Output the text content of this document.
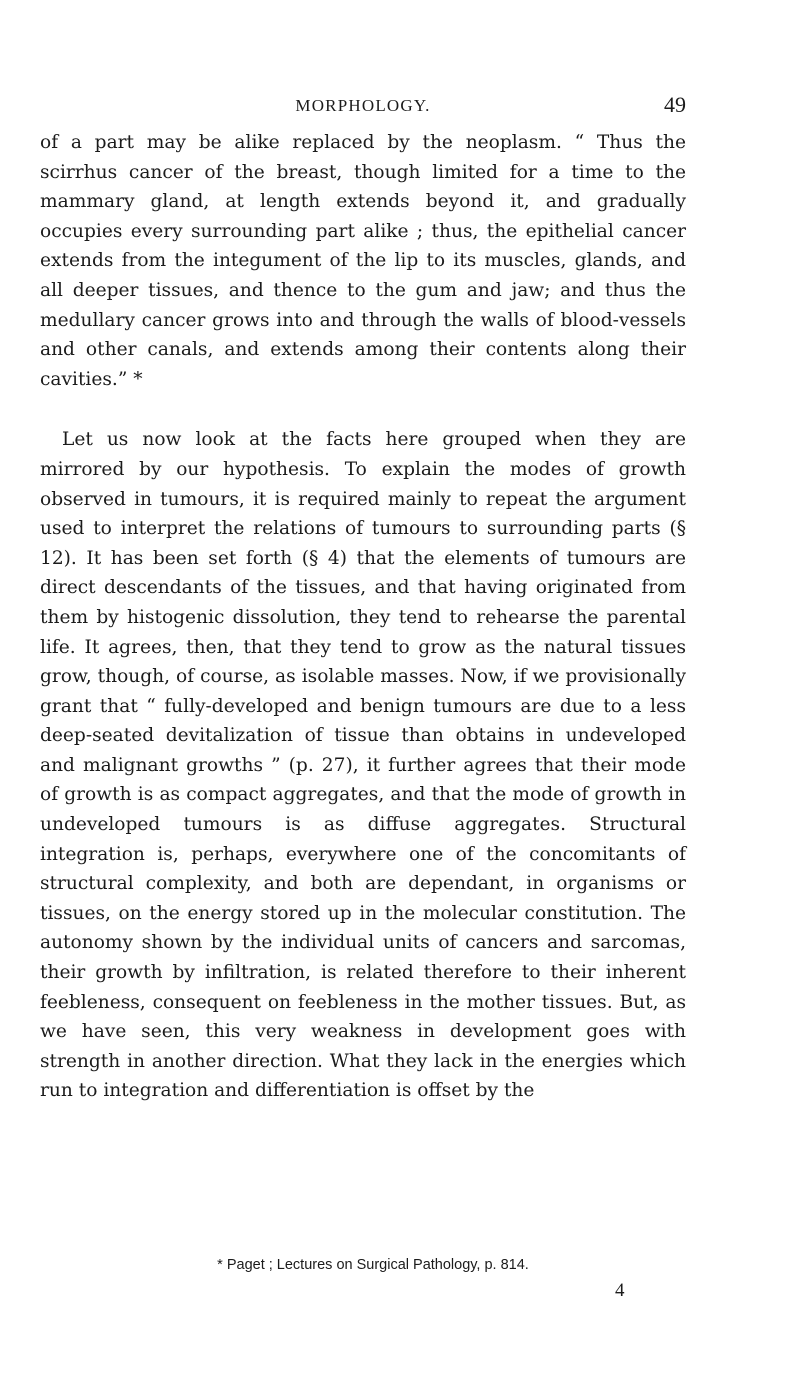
MORPHOLOGY.	49

of a part may be alike replaced by the neoplasm. “ Thus the scirrhus cancer of the breast, though limited for a time to the mammary gland, at length extends beyond it, and gradually occupies every surrounding part alike ; thus, the epithelial cancer extends from the integument of the lip to its muscles, glands, and all deeper tissues, and thence to the gum and jaw; and thus the medullary cancer grows into and through the walls of blood-vessels and other canals, and extends among their contents along their cavities.” *

Let us now look at the facts here grouped when they are mirrored by our hypothesis. To explain the modes of growth observed in tumours, it is required mainly to repeat the argument used to interpret the relations of tumours to surrounding parts (§ 12). It has been set forth (§ 4) that the elements of tumours are direct descendants of the tissues, and that having originated from them by histogenic dissolution, they tend to rehearse the parental life. It agrees, then, that they tend to grow as the natural tissues grow, though, of course, as isolable masses. Now, if we provisionally grant that “ fully-developed and benign tumours are due to a less deep-seated devitalization of tissue than obtains in undeveloped and malignant growths ” (p. 27), it further agrees that their mode of growth is as compact aggregates, and that the mode of growth in undeveloped tumours is as diffuse aggregates. Structural integration is, perhaps, everywhere one of the concomitants of structural complexity, and both are dependant, in organisms or tissues, on the energy stored up in the molecular constitution. The autonomy shown by the individual units of cancers and sarcomas, their growth by infiltration, is related therefore to their inherent feebleness, consequent on feebleness in the mother tissues. But, as we have seen, this very weakness in development goes with strength in another direction. What they lack in the energies which run to integration and differentiation is offset by the

* Paget ; Lectures on Surgical Pathology, p. 814.
4
